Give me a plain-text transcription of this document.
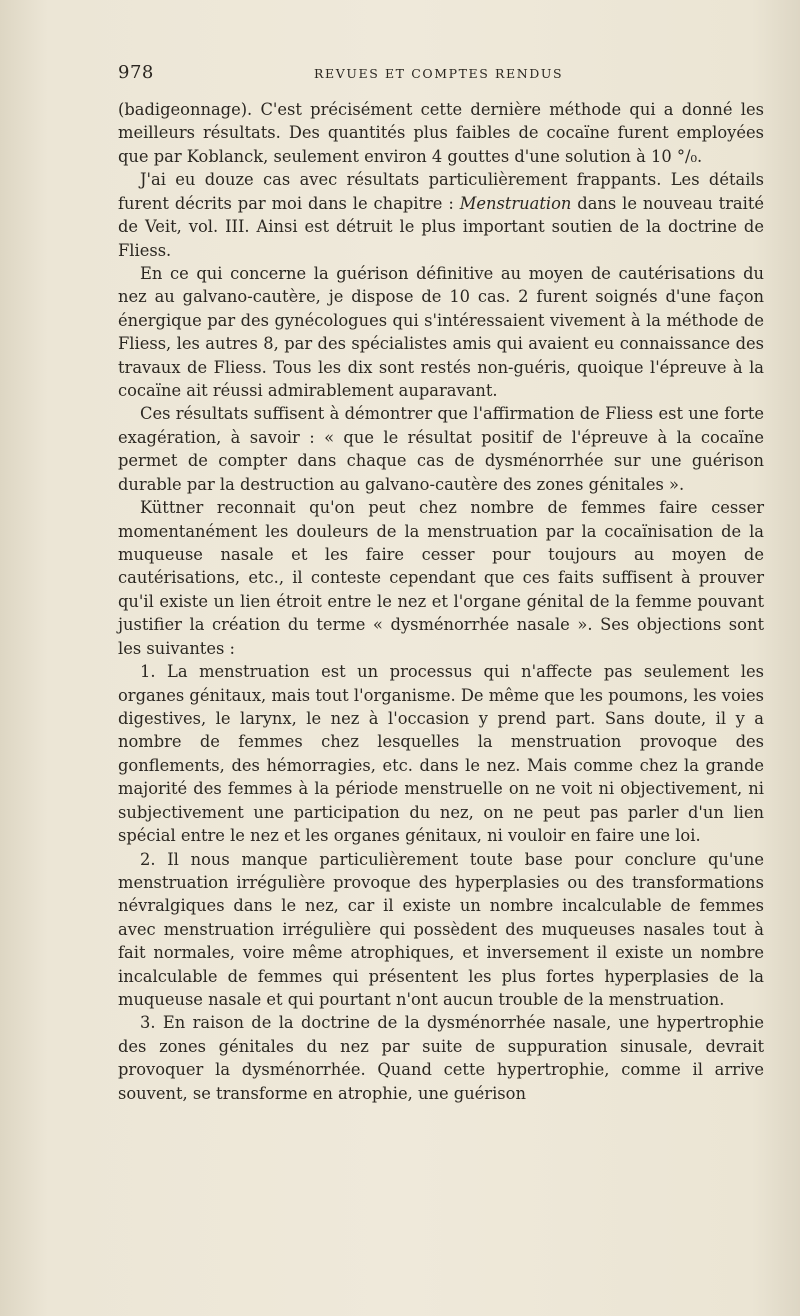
978	REVUES ET COMPTES RENDUS

(badigeonnage). C'est précisément cette dernière méthode qui a donné les meilleurs résultats. Des quantités plus faibles de cocaïne furent employées que par Koblanck, seulement environ 4 gouttes d'une solution à 10 °/₀.

J'ai eu douze cas avec résultats particulièrement frappants. Les détails furent décrits par moi dans le chapitre : Menstruation dans le nouveau traité de Veit, vol. III. Ainsi est détruit le plus important soutien de la doctrine de Fliess.

En ce qui concerne la guérison définitive au moyen de cautérisations du nez au galvano-cautère, je dispose de 10 cas. 2 furent soignés d'une façon énergique par des gynécologues qui s'intéressaient vivement à la méthode de Fliess, les autres 8, par des spécialistes amis qui avaient eu connaissance des travaux de Fliess. Tous les dix sont restés non-guéris, quoique l'épreuve à la cocaïne ait réussi admirablement auparavant.

Ces résultats suffisent à démontrer que l'affirmation de Fliess est une forte exagération, à savoir : « que le résultat positif de l'épreuve à la cocaïne permet de compter dans chaque cas de dysménorrhée sur une guérison durable par la destruction au galvano-cautère des zones génitales ».

Küttner reconnait qu'on peut chez nombre de femmes faire cesser momentanément les douleurs de la menstruation par la cocaïnisation de la muqueuse nasale et les faire cesser pour toujours au moyen de cautérisations, etc., il conteste cependant que ces faits suffisent à prouver qu'il existe un lien étroit entre le nez et l'organe génital de la femme pouvant justifier la création du terme « dysménorrhée nasale ». Ses objections sont les suivantes :

1. La menstruation est un processus qui n'affecte pas seulement les organes génitaux, mais tout l'organisme. De même que les poumons, les voies digestives, le larynx, le nez à l'occasion y prend part. Sans doute, il y a nombre de femmes chez lesquelles la menstruation provoque des gonflements, des hémorragies, etc. dans le nez. Mais comme chez la grande majorité des femmes à la période menstruelle on ne voit ni objectivement, ni subjectivement une participation du nez, on ne peut pas parler d'un lien spécial entre le nez et les organes génitaux, ni vouloir en faire une loi.

2. Il nous manque particulièrement toute base pour conclure qu'une menstruation irrégulière provoque des hyperplasies ou des transformations névralgiques dans le nez, car il existe un nombre incalculable de femmes avec menstruation irrégulière qui possèdent des muqueuses nasales tout à fait normales, voire même atrophiques, et inversement il existe un nombre incalculable de femmes qui présentent les plus fortes hyperplasies de la muqueuse nasale et qui pourtant n'ont aucun trouble de la menstruation.

3. En raison de la doctrine de la dysménorrhée nasale, une hypertrophie des zones génitales du nez par suite de suppuration sinusale, devrait provoquer la dysménorrhée. Quand cette hypertrophie, comme il arrive souvent, se transforme en atrophie, une guérison
